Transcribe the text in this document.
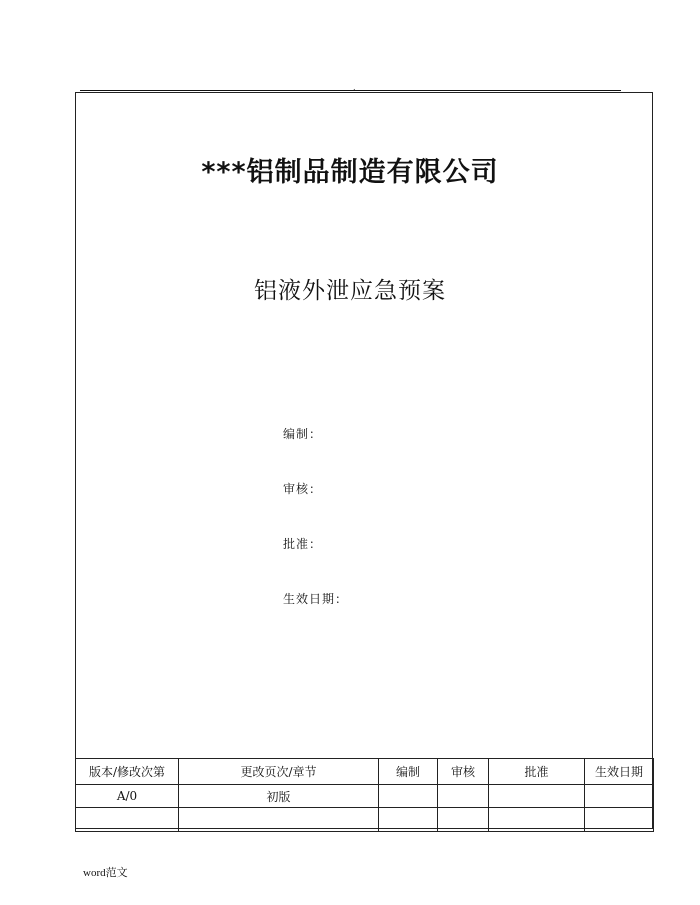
.
***铝制品制造有限公司
铝液外泄应急预案
编制：
审核：
批准：
生效日期：
版本/修改次第	更改页次/章节	编制	审核	批准	生效日期
A/0	初版				

word范文
